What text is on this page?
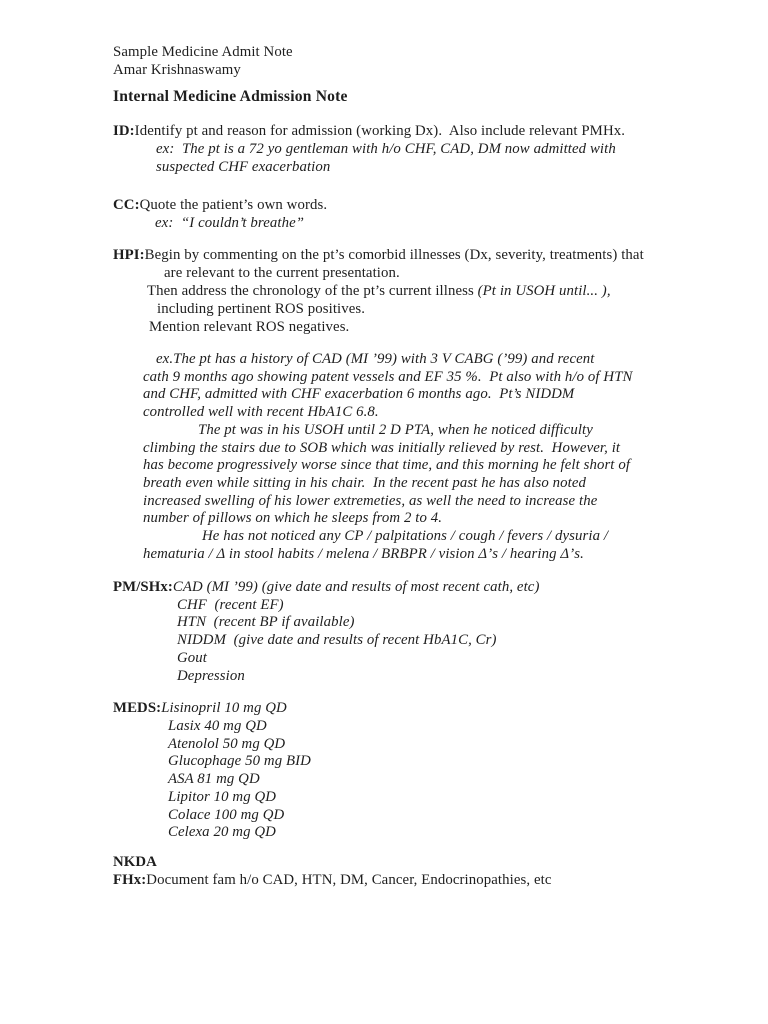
Sample Medicine Admit Note
Amar Krishnaswamy
Internal Medicine Admission Note
ID:Identify pt and reason for admission (working Dx).  Also include relevant PMHx.
ex:  The pt is a 72 yo gentleman with h/o CHF, CAD, DM now admitted with
suspected CHF exacerbation
CC:Quote the patient’s own words.
ex:  “I couldn’t breathe”
HPI:Begin by commenting on the pt’s comorbid illnesses (Dx, severity, treatments) that
are relevant to the current presentation.
Then address the chronology of the pt’s current illness (Pt in USOH until... ),
including pertinent ROS positives.
Mention relevant ROS negatives.
ex.The pt has a history of CAD (MI ’99) with 3 V CABG (’99) and recent
cath 9 months ago showing patent vessels and EF 35 %.  Pt also with h/o of HTN
and CHF, admitted with CHF exacerbation 6 months ago.  Pt’s NIDDM
controlled well with recent HbA1C 6.8.
The pt was in his USOH until 2 D PTA, when he noticed difficulty
climbing the stairs due to SOB which was initially relieved by rest.  However, it
has become progressively worse since that time, and this morning he felt short of
breath even while sitting in his chair.  In the recent past he has also noted
increased swelling of his lower extremeties, as well the need to increase the
number of pillows on which he sleeps from 2 to 4.
He has not noticed any CP / palpitations / cough / fevers / dysuria /
hematuria / Δ in stool habits / melena / BRBPR / vision Δ’s / hearing Δ’s.
PM/SHx:CAD (MI ’99) (give date and results of most recent cath, etc)
CHF  (recent EF)
HTN  (recent BP if available)
NIDDM  (give date and results of recent HbA1C, Cr)
Gout
Depression
MEDS:Lisinopril 10 mg QD
Lasix 40 mg QD
Atenolol 50 mg QD
Glucophage 50 mg BID
ASA 81 mg QD
Lipitor 10 mg QD
Colace 100 mg QD
Celexa 20 mg QD
NKDA
FHx:Document fam h/o CAD, HTN, DM, Cancer, Endocrinopathies, etc
